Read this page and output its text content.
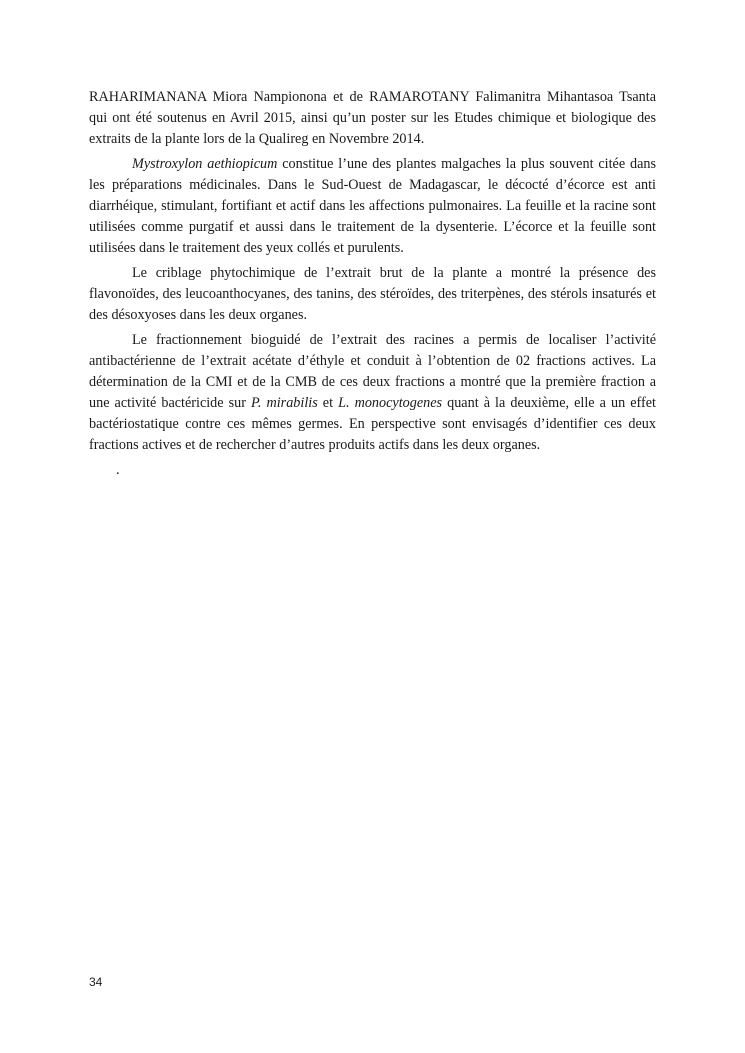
RAHARIMANANA Miora Nampionona et de RAMAROTANY Falimanitra Mihantasoa Tsanta qui ont été soutenus en Avril 2015, ainsi qu’un poster sur les Etudes chimique et biologique des extraits de la plante lors de la Qualireg en Novembre 2014.

Mystroxylon aethiopicum constitue l’une des plantes malgaches la plus souvent citée dans les préparations médicinales. Dans le Sud-Ouest de Madagascar, le décocté d’écorce est anti diarrhéique, stimulant, fortifiant et actif dans les affections pulmonaires. La feuille et la racine sont utilisées comme purgatif et aussi dans le traitement de la dysenterie. L’écorce et la feuille sont utilisées dans le traitement des yeux collés et purulents.

Le criblage phytochimique de l’extrait brut de la plante a montré la présence des flavonoïdes, des leucoanthocyanes, des tanins, des stéroïdes, des triterpènes, des stérols insaturés et des désoxyoses dans les deux organes.

Le fractionnement bioguidé de l’extrait des racines a permis de localiser l’activité antibactérienne de l’extrait acétate d’éthyle et conduit à l’obtention de 02 fractions actives. La détermination de la CMI et de la CMB de ces deux fractions a montré que la première fraction a une activité bactéricide sur P. mirabilis et L. monocytogenes quant à la deuxième, elle a un effet bactériostatique contre ces mêmes germes. En perspective sont envisagés d’identifier ces deux fractions actives et de rechercher d’autres produits actifs dans les deux organes.

.

34
